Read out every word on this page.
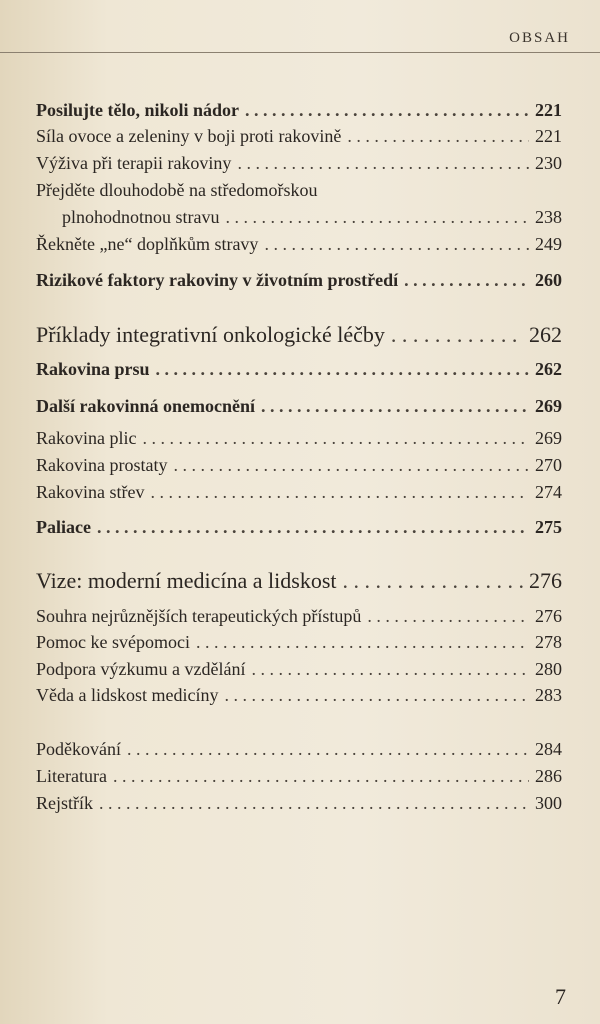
OBSAH
Posilujte tělo, nikoli nádor . . .	221
Síla ovoce a zeleniny v boji proti rakovině . . .	221
Výživa při terapii rakoviny . . .	230
Přejděte dlouhodobě na středomořskou
plnohodnotnou stravu . . .	238
Řekněte „ne“ doplňkům stravy . . .	249
Rizikové faktory rakoviny v životním prostředí . . .	260
Příklady integrativní onkologické léčby . . .	262
Rakovina prsu . . .	262
Další rakovinná onemocnění . . .	269
Rakovina plic . . .	269
Rakovina prostaty . . .	270
Rakovina střev . . .	274
Paliace . . .	275
Vize: moderní medicína a lidskost . . .	276
Souhra nejrůznějších terapeutických přístupů . . .	276
Pomoc ke svépomoci . . .	278
Podpora výzkumu a vzdělání . . .	280
Věda a lidskost medicíny . . .	283
Poděkování . . .	284
Literatura . . .	286
Rejstřík . . .	300
7
